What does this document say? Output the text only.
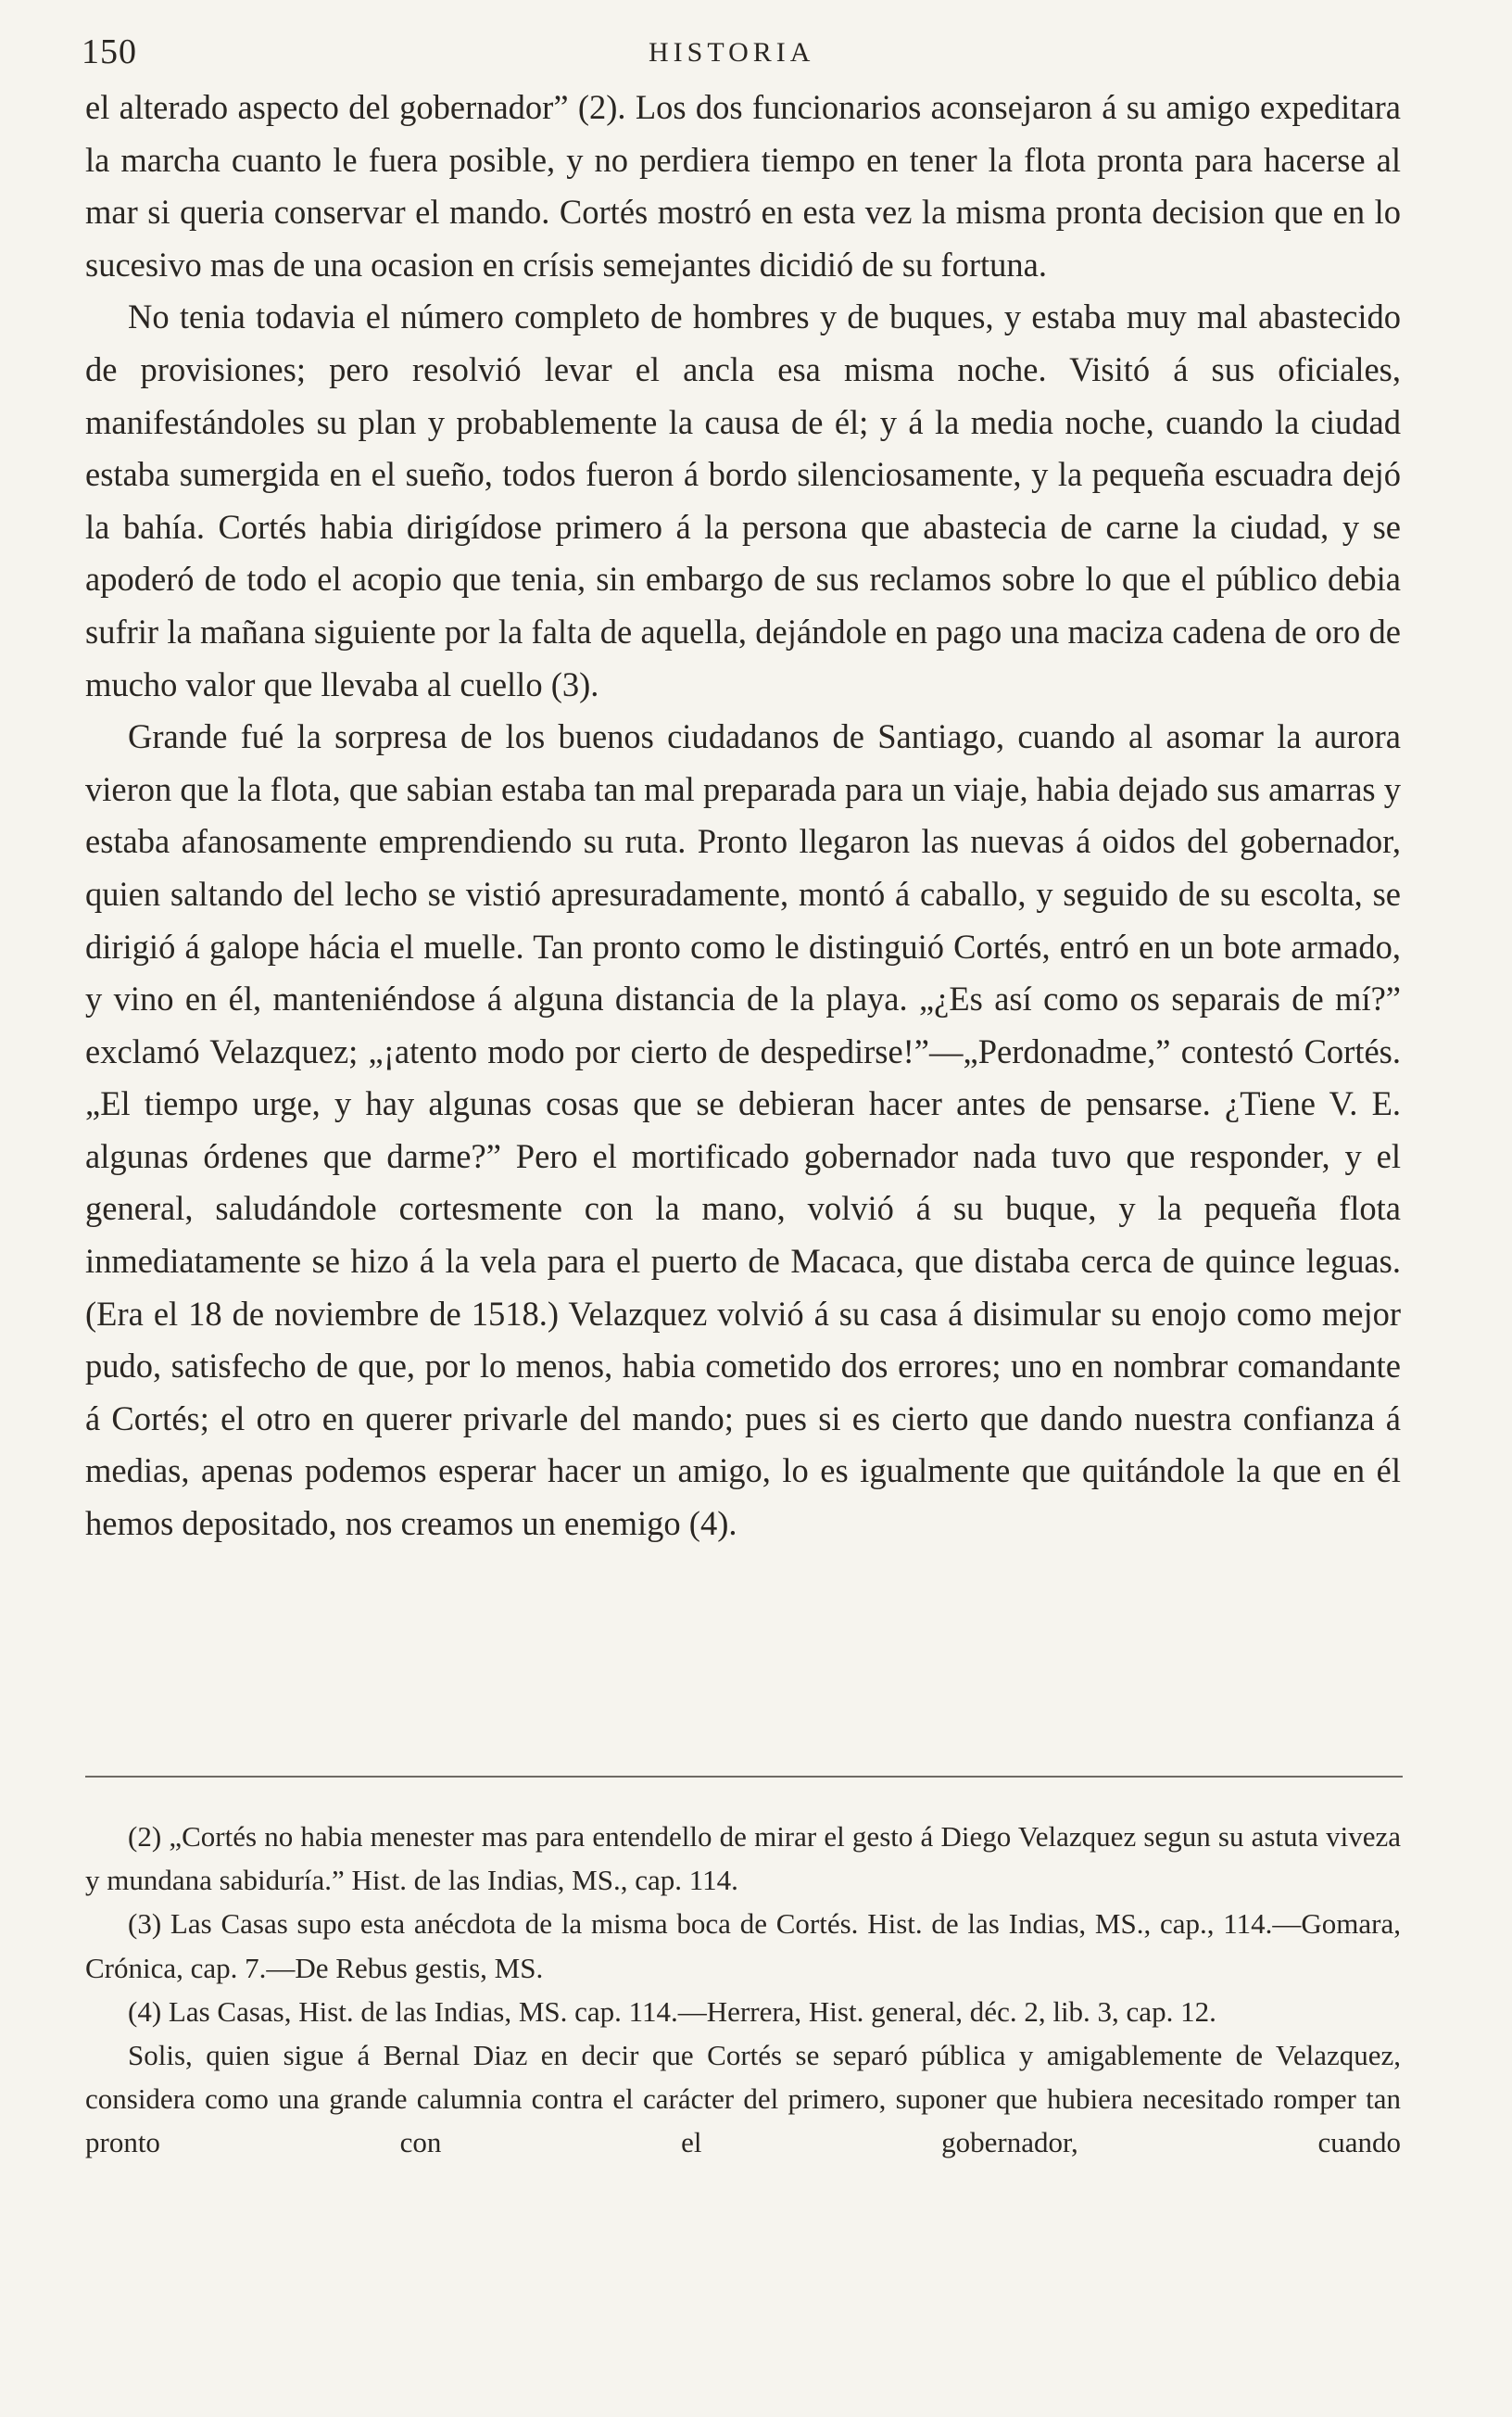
150	HISTORIA

el alterado aspecto del gobernador” (2). Los dos funcionarios aconsejaron á su amigo expeditara la marcha cuanto le fuera posible, y no perdiera tiempo en tener la flota pronta para hacerse al mar si queria conservar el mando. Cortés mostró en esta vez la misma pronta decision que en lo sucesivo mas de una ocasion en crísis semejantes dicidió de su fortuna.

No tenia todavia el número completo de hombres y de buques, y estaba muy mal abastecido de provisiones; pero resolvió levar el ancla esa misma noche. Visitó á sus oficiales, manifestándoles su plan y probablemente la causa de él; y á la media noche, cuando la ciudad estaba sumergida en el sueño, todos fueron á bordo silenciosamente, y la pequeña escuadra dejó la bahía. Cortés habia dirigídose primero á la persona que abastecia de carne la ciudad, y se apoderó de todo el acopio que tenia, sin embargo de sus reclamos sobre lo que el público debia sufrir la mañana siguiente por la falta de aquella, dejándole en pago una maciza cadena de oro de mucho valor que llevaba al cuello (3).

Grande fué la sorpresa de los buenos ciudadanos de Santiago, cuando al asomar la aurora vieron que la flota, que sabian estaba tan mal preparada para un viaje, habia dejado sus amarras y estaba afanosamente emprendiendo su ruta. Pronto llegaron las nuevas á oidos del gobernador, quien saltando del lecho se vistió apresuradamente, montó á caballo, y seguido de su escolta, se dirigió á galope hácia el muelle. Tan pronto como le distinguió Cortés, entró en un bote armado, y vino en él, manteniéndose á alguna distancia de la playa. „¿Es así como os separais de mí?” exclamó Velazquez; „¡atento modo por cierto de despedirse!”—„Perdonadme,” contestó Cortés. „El tiempo urge, y hay algunas cosas que se debieran hacer antes de pensarse. ¿Tiene V. E. algunas órdenes que darme?” Pero el mortificado gobernador nada tuvo que responder, y el general, saludándole cortesmente con la mano, volvió á su buque, y la pequeña flota inmediatamente se hizo á la vela para el puerto de Macaca, que distaba cerca de quince leguas. (Era el 18 de noviembre de 1518.) Velazquez volvió á su casa á disimular su enojo como mejor pudo, satisfecho de que, por lo menos, habia cometido dos errores; uno en nombrar comandante á Cortés; el otro en querer privarle del mando; pues si es cierto que dando nuestra confianza á medias, apenas podemos esperar hacer un amigo, lo es igualmente que quitándole la que en él hemos depositado, nos creamos un enemigo (4).

(2) „Cortés no habia menester mas para entendello de mirar el gesto á Diego Velazquez segun su astuta viveza y mundana sabiduría.” Hist. de las Indias, MS., cap. 114.

(3) Las Casas supo esta anécdota de la misma boca de Cortés. Hist. de las Indias, MS., cap., 114.—Gomara, Crónica, cap. 7.—De Rebus gestis, MS.

(4) Las Casas, Hist. de las Indias, MS. cap. 114.—Herrera, Hist. general, déc. 2, lib. 3, cap. 12.

Solis, quien sigue á Bernal Diaz en decir que Cortés se separó pública y amigablemente de Velazquez, considera como una grande calumnia contra el carácter del primero, suponer que hubiera necesitado romper tan pronto con el gobernador, cuando
